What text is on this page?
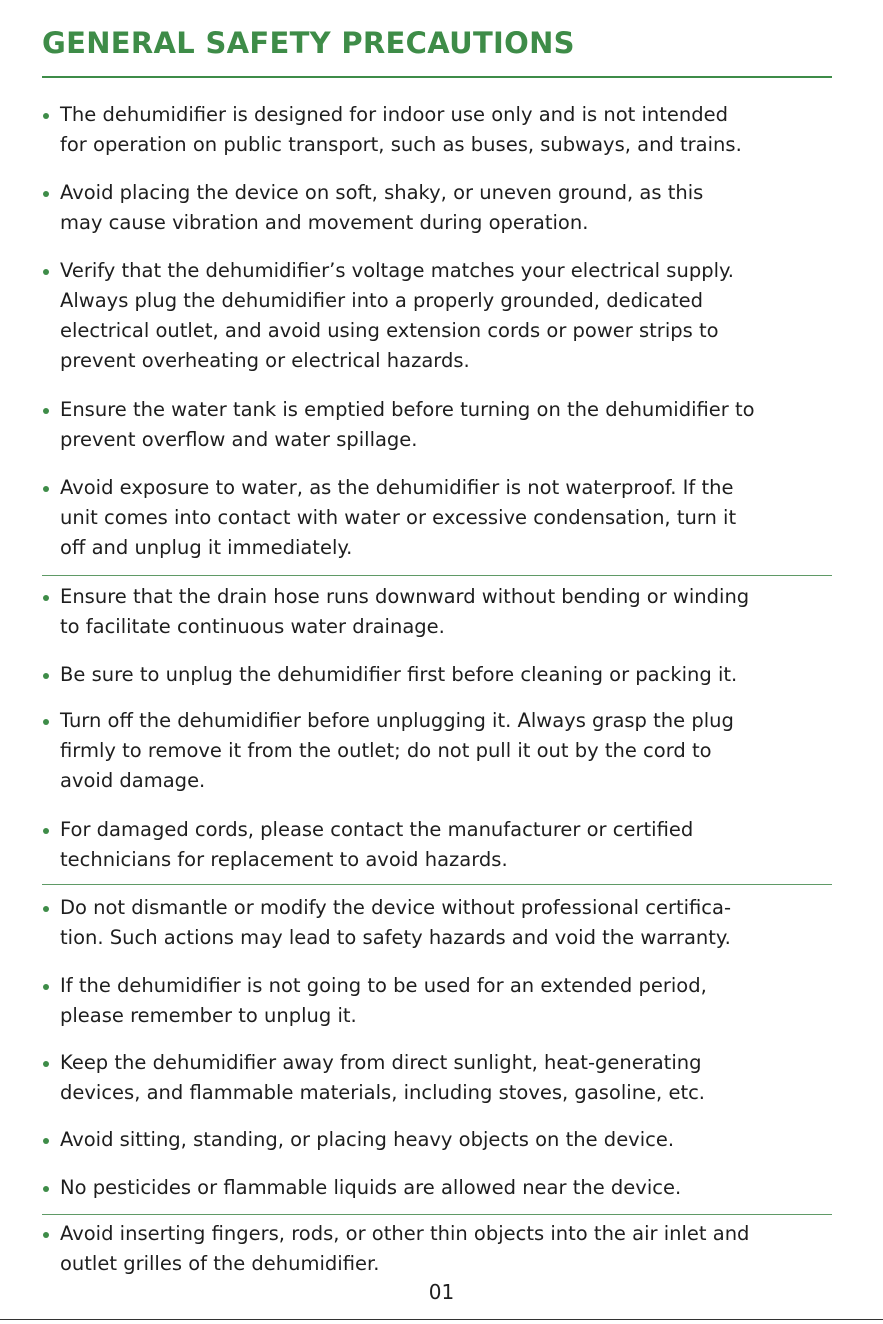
GENERAL SAFETY PRECAUTIONS
The dehumidifier is designed for indoor use only and is not intended
for operation on public transport, such as buses, subways, and trains.
Avoid placing the device on soft, shaky, or uneven ground, as this
may cause vibration and movement during operation.
Verify that the dehumidifier’s voltage matches your electrical supply.
Always plug the dehumidifier into a properly grounded, dedicated
electrical outlet, and avoid using extension cords or power strips to
prevent overheating or electrical hazards.
Ensure the water tank is emptied before turning on the dehumidifier to
prevent overflow and water spillage.
Avoid exposure to water, as the dehumidifier is not waterproof. If the
unit comes into contact with water or excessive condensation, turn it
off and unplug it immediately.
Ensure that the drain hose runs downward without bending or winding
to facilitate continuous water drainage.
Be sure to unplug the dehumidifier first before cleaning or packing it.
Turn off the dehumidifier before unplugging it. Always grasp the plug
firmly to remove it from the outlet; do not pull it out by the cord to
avoid damage.
For damaged cords, please contact the manufacturer or certified
technicians for replacement to avoid hazards.
Do not dismantle or modify the device without professional certifica-
tion. Such actions may lead to safety hazards and void the warranty.
If the dehumidifier is not going to be used for an extended period,
please remember to unplug it.
Keep the dehumidifier away from direct sunlight, heat-generating
devices, and flammable materials, including stoves, gasoline, etc.
Avoid sitting, standing, or placing heavy objects on the device.
No pesticides or flammable liquids are allowed near the device.
Avoid inserting fingers, rods, or other thin objects into the air inlet and
outlet grilles of the dehumidifier.
01
